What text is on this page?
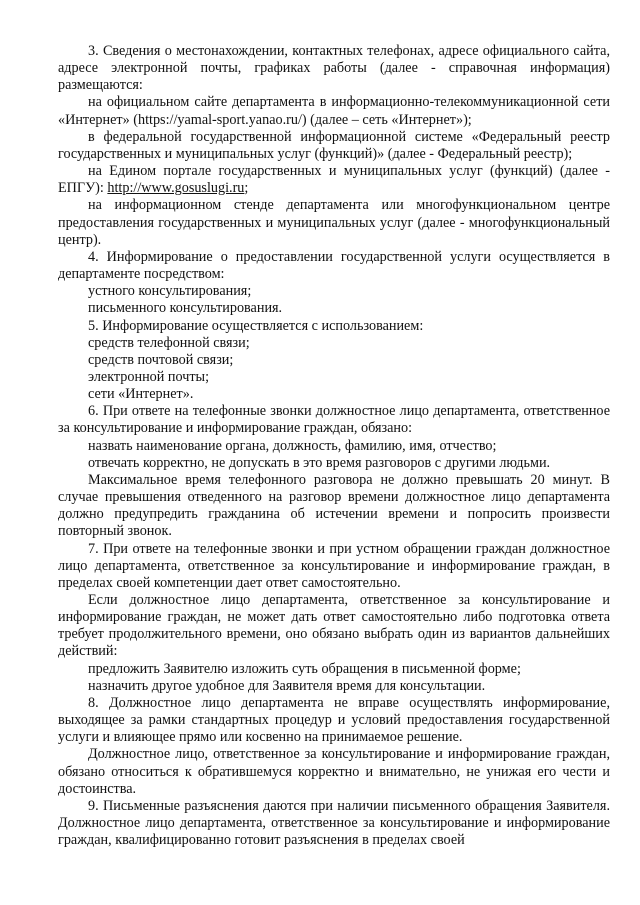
3. Сведения о местонахождении, контактных телефонах, адресе официального сайта, адресе электронной почты, графиках работы (далее - справочная информация) размещаются:

на официальном сайте департамента в информационно-телекоммуникационной сети «Интернет» (https://yamal-sport.yanao.ru/) (далее – сеть «Интернет»);

в федеральной государственной информационной системе «Федеральный реестр государственных и муниципальных услуг (функций)» (далее - Федеральный реестр);

на Едином портале государственных и муниципальных услуг (функций) (далее - ЕПГУ): http://www.gosuslugi.ru;

на информационном стенде департамента или многофункциональном центре предоставления государственных и муниципальных услуг (далее - многофункциональный центр).

4. Информирование о предоставлении государственной услуги осуществляется в департаменте посредством:

устного консультирования;

письменного консультирования.

5. Информирование осуществляется с использованием:

средств телефонной связи;

средств почтовой связи;

электронной почты;

сети «Интернет».

6. При ответе на телефонные звонки должностное лицо департамента, ответственное за консультирование и информирование граждан, обязано:

назвать наименование органа, должность, фамилию, имя, отчество;

отвечать корректно, не допускать в это время разговоров с другими людьми.

Максимальное время телефонного разговора не должно превышать 20 минут. В случае превышения отведенного на разговор времени должностное лицо департамента должно предупредить гражданина об истечении времени и попросить произвести повторный звонок.

7. При ответе на телефонные звонки и при устном обращении граждан должностное лицо департамента, ответственное за консультирование и информирование граждан, в пределах своей компетенции дает ответ самостоятельно.

Если должностное лицо департамента, ответственное за консультирование и информирование граждан, не может дать ответ самостоятельно либо подготовка ответа требует продолжительного времени, оно обязано выбрать один из вариантов дальнейших действий:

предложить Заявителю изложить суть обращения в письменной форме;

назначить другое удобное для Заявителя время для консультации.

8. Должностное лицо департамента не вправе осуществлять информирование, выходящее за рамки стандартных процедур и условий предоставления государственной услуги и влияющее прямо или косвенно на принимаемое решение.

Должностное лицо, ответственное за консультирование и информирование граждан, обязано относиться к обратившемуся корректно и внимательно, не унижая его чести и достоинства.

9. Письменные разъяснения даются при наличии письменного обращения Заявителя. Должностное лицо департамента, ответственное за консультирование и информирование граждан, квалифицированно готовит разъяснения в пределах своей
